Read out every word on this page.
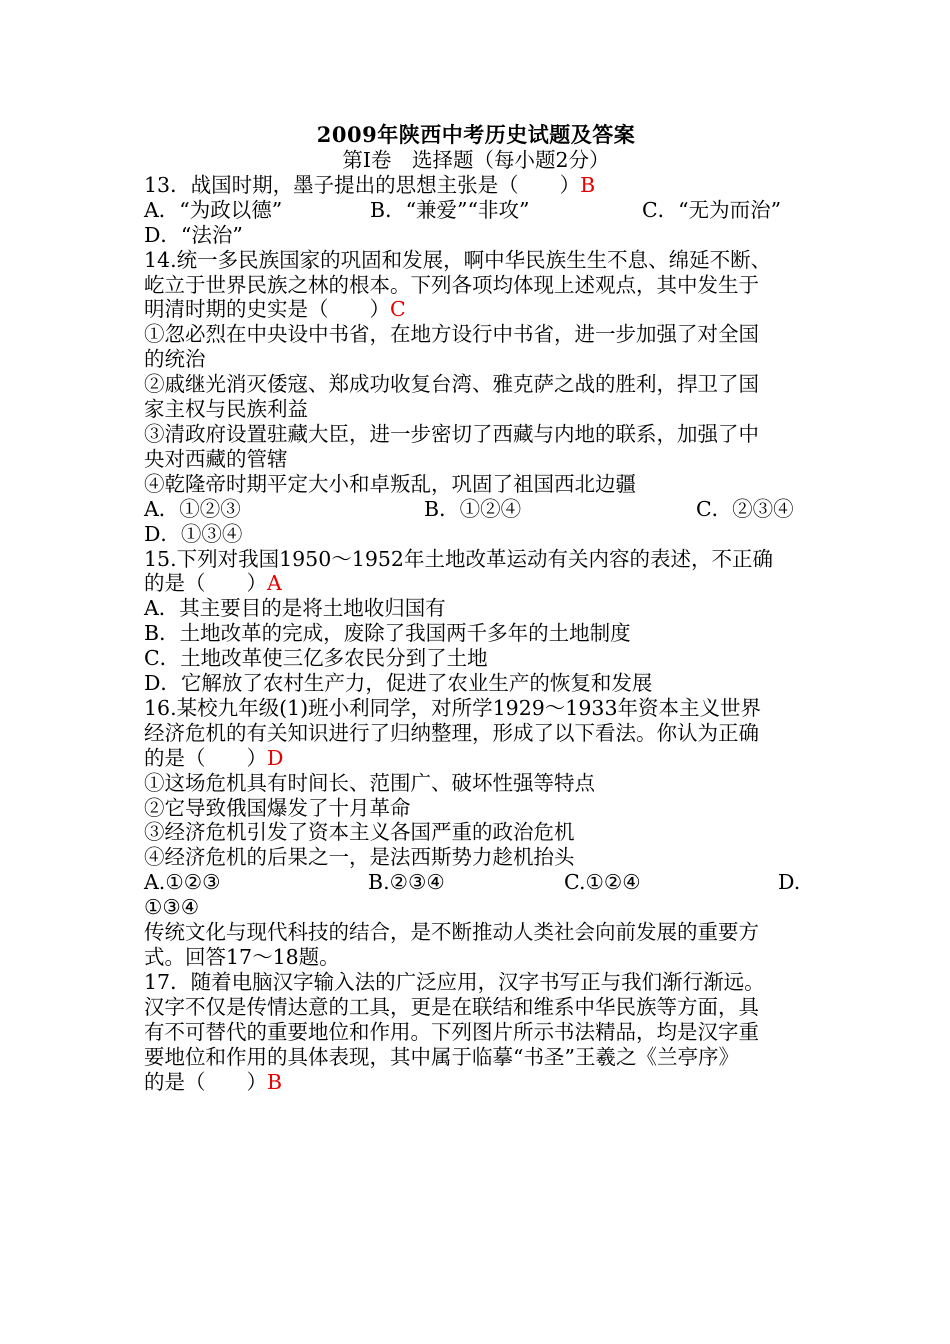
2009年陕西中考历史试题及答案
第Ⅰ卷　选择题（每小题2分）
13．战国时期，墨子提出的思想主张是（　　）B
A．“为政以德”	B．“兼爱”“非攻”	C．“无为而治”
D．“法治”
14.统一多民族国家的巩固和发展，啊中华民族生生不息、绵延不断、
屹立于世界民族之林的根本。下列各项均体现上述观点，其中发生于
明清时期的史实是（　　）C
①忽必烈在中央设中书省，在地方设行中书省，进一步加强了对全国
的统治
②戚继光消灭倭寇、郑成功收复台湾、雅克萨之战的胜利，捍卫了国
家主权与民族利益
③清政府设置驻藏大臣，进一步密切了西藏与内地的联系，加强了中
央对西藏的管辖
④乾隆帝时期平定大小和卓叛乱，巩固了祖国西北边疆
A．①②③	B．①②④	C．②③④
D．①③④
15.下列对我国1950～1952年土地改革运动有关内容的表述，不正确
的是（　　）A
A．其主要目的是将土地收归国有
B．土地改革的完成，废除了我国两千多年的土地制度
C．土地改革使三亿多农民分到了土地
D．它解放了农村生产力，促进了农业生产的恢复和发展
16.某校九年级(1)班小利同学，对所学1929～1933年资本主义世界
经济危机的有关知识进行了归纳整理，形成了以下看法。你认为正确
的是（　　）D
①这场危机具有时间长、范围广、破坏性强等特点
②它导致俄国爆发了十月革命
③经济危机引发了资本主义各国严重的政治危机
④经济危机的后果之一，是法西斯势力趁机抬头
A.①②③	B.②③④	C.①②④	D.
①③④
传统文化与现代科技的结合，是不断推动人类社会向前发展的重要方
式。回答17～18题。
17．随着电脑汉字输入法的广泛应用，汉字书写正与我们渐行渐远。
汉字不仅是传情达意的工具，更是在联结和维系中华民族等方面，具
有不可替代的重要地位和作用。下列图片所示书法精品，均是汉字重
要地位和作用的具体表现，其中属于临摹“书圣”王羲之《兰亭序》
的是（　　）B
